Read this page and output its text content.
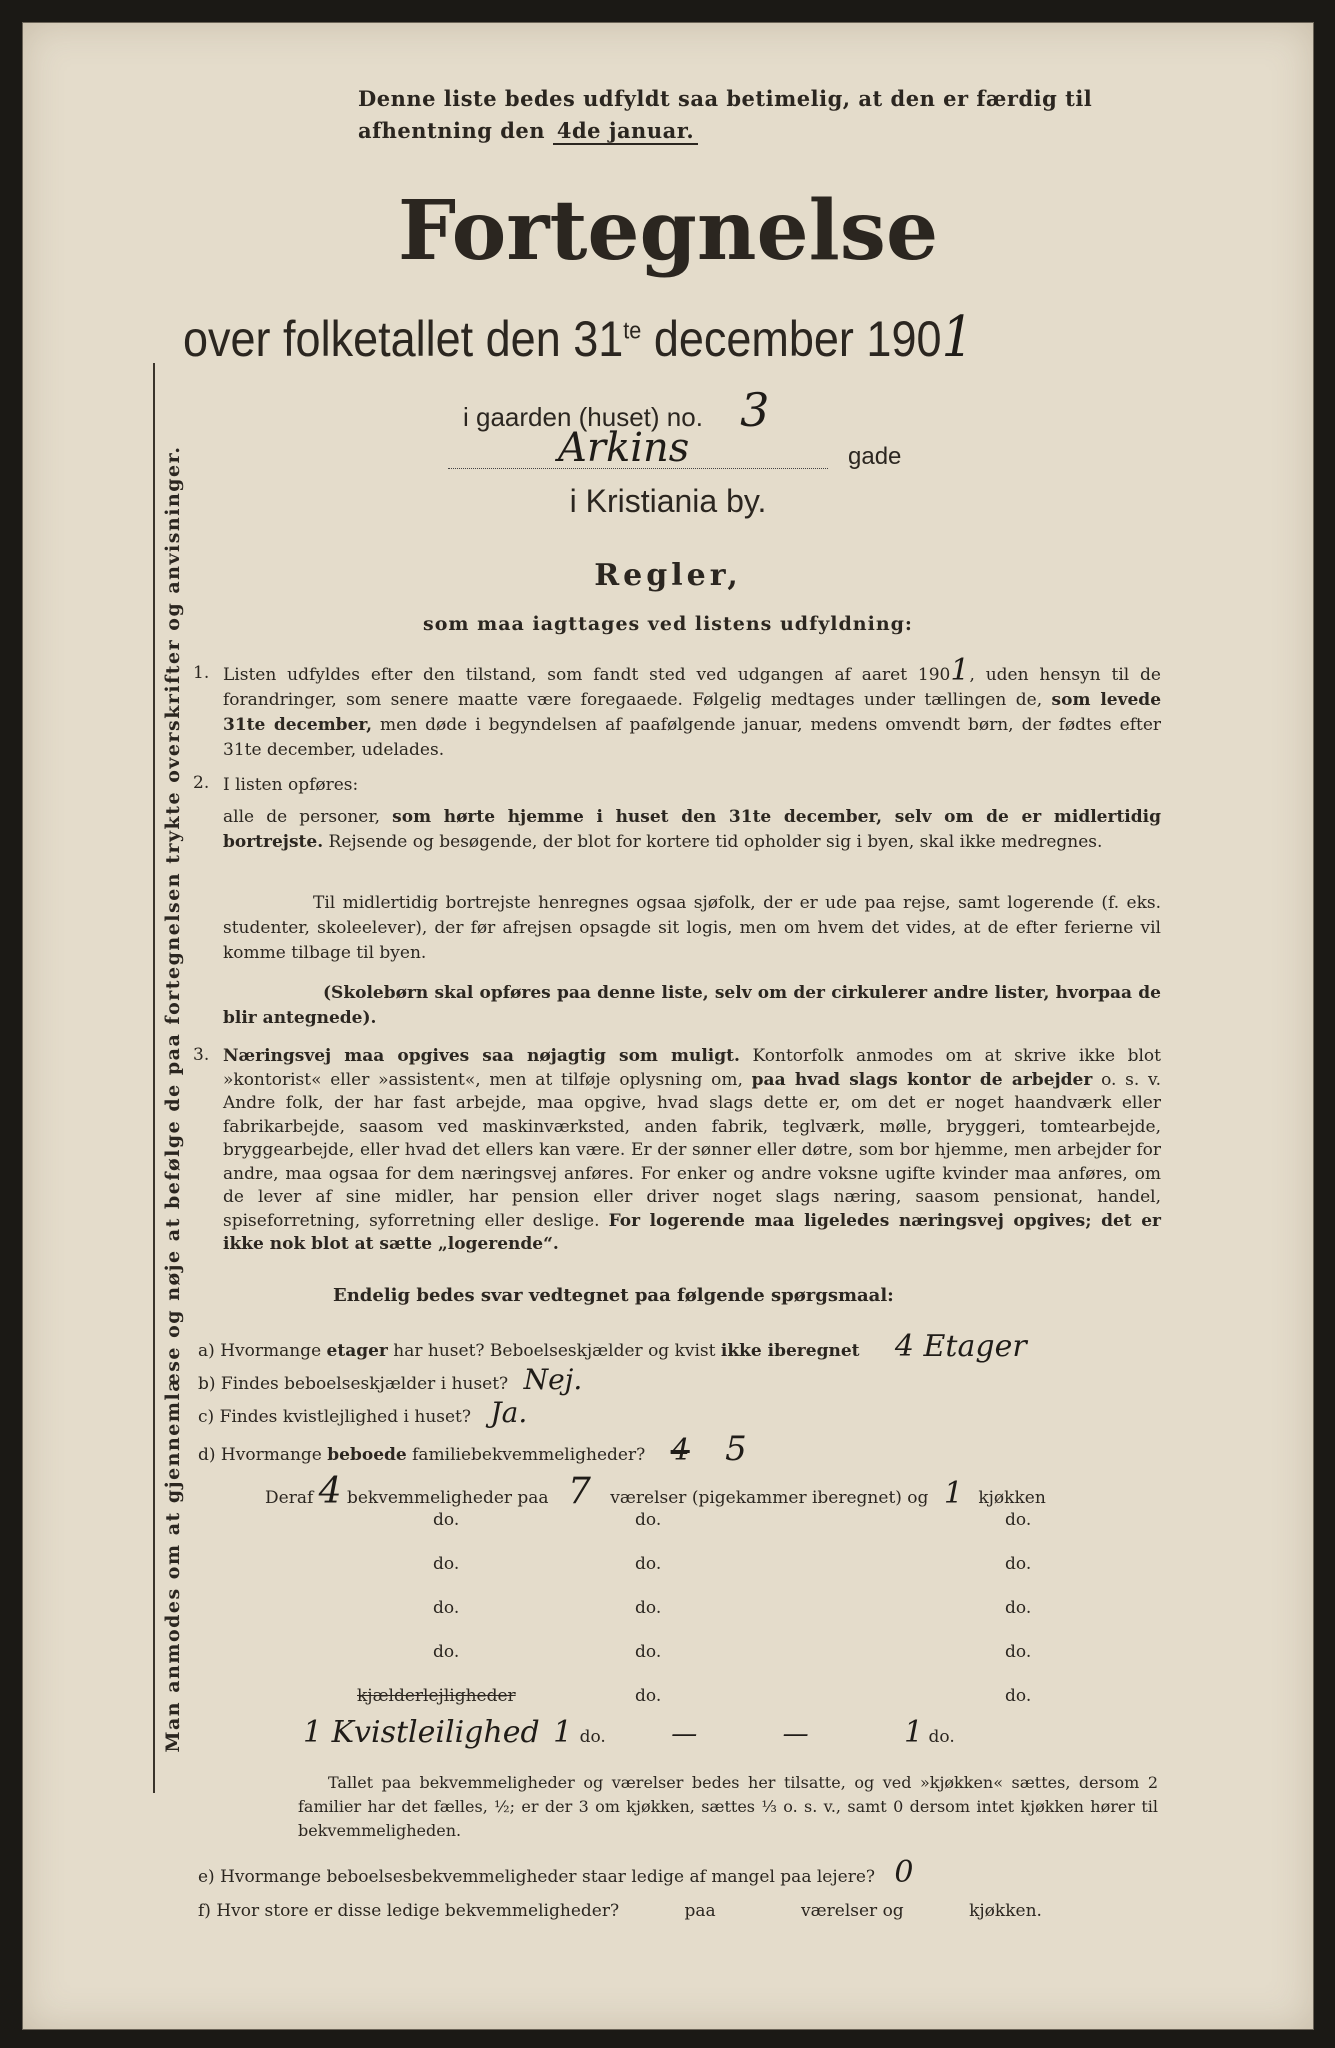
Denne liste bedes udfyldt saa betimelig, at den er færdig til afhentning den 4de januar.
Fortegnelse
over folketallet den $31^{te}$ december 1901
i gaarden (huset) no. 3
Arkins	gade
i Kristiania by.
Regler,
som maa iagttages ved listens udfyldning:
Man anmodes om at gjennemlæse og nøje at befølge de paa fortegnelsen trykte overskrifter og anvisninger. 1. Listen udfyldes efter den tilstand, som fandt sted ved udgangen af aaret 1901, uden hensyn til de forandringer, som senere maatte være foregaaede. Følgelig medtages under tællingen de, som levede 31te december, men døde i begyndelsen af paafølgende januar, medens omvendt børn, der fødtes efter 31te december, udelades.
2. I listen opføres:
alle de personer, som hørte hjemme i huset den 31te december, selv om de er midlertidig bortrejste. Rejsende og besøgende, der blot for kortere tid opholder sig i byen, skal ikke medregnes.
Til midlertidig bortrejste henregnes ogsaa sjøfolk, der er ude paa rejse, samt logerende (f. eks. studenter, skoleelever), der før afrejsen opsagde sit logis, men om hvem det vides, at de efter ferierne vil komme tilbage til byen.
(Skolebørn skal opføres paa denne liste, selv om der cirkulerer andre lister, hvorpaa de blir antegnede).
3. Næringsvej maa opgives saa nøjagtig som muligt. Kontorfolk anmodes om at skrive ikke blot »kontorist« eller »assistent«, men at tilføje oplysning om, paa hvad slags kontor de arbejder o. s. v. Andre folk, der har fast arbejde, maa opgive, hvad slags dette er, om det er noget haandværk eller fabrikarbejde, saasom ved maskinværksted, anden fabrik, teglværk, mølle, bryggeri, tomtearbejde, bryggearbejde, eller hvad det ellers kan være. Er der sønner eller døtre, som bor hjemme, men arbejder for andre, maa ogsaa for dem næringsvej anføres. For enker og andre voksne ugifte kvinder maa anføres, om de lever af sine midler, har pension eller driver noget slags næring, saasom pensionat, handel, spiseforretning, syforretning eller deslige. For logerende maa ligeledes næringsvej opgives; det er ikke nok blot at sætte „logerende“.
Endelig bedes svar vedtegnet paa følgende spørgsmaal:
a) Hvormange etager har huset? Beboelseskjælder og kvist ikke iberegnet 4 Etager
b) Findes beboelseskjælder i huset? Nej.
c) Findes kvistlejlighed i huset? Ja.
d) Hvormange beboede familiebekvemmeligheder? 4 5
Deraf 4 bekvemmeligheder paa 7 værelser (pigekammer iberegnet) og 1 kjøkken
do.	do.	do.
do.	do.	do.
do.	do.	do.
do.	do.	do.
kjælderlejligheder	do.	do.
1 Kvistleilighed 1 do.	—	—	1 do.
Tallet paa bekvemmeligheder og værelser bedes her tilsatte, og ved »kjøkken« sættes, dersom 2 familier har det fælles, ½; er der 3 om kjøkken, sættes ⅓ o. s. v., samt 0 dersom intet kjøkken hører til bekvemmeligheden.
e) Hvormange beboelsesbekvemmeligheder staar ledige af mangel paa lejere? 0
f) Hvor store er disse ledige bekvemmeligheder?	paa	værelser og	kjøkken.
